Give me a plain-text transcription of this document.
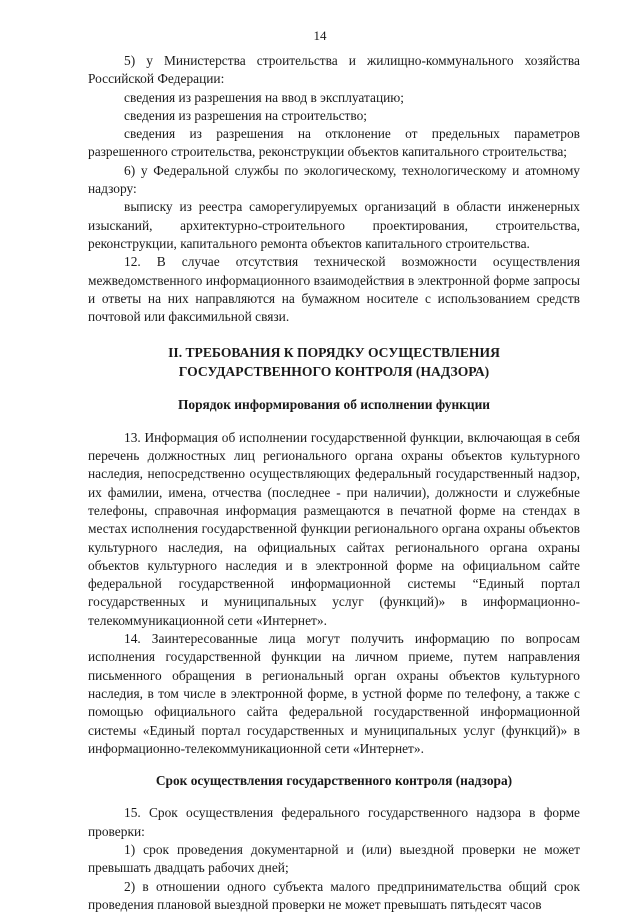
14

5) у Министерства строительства и жилищно-коммунального хозяйства Российской Федерации:

сведения из разрешения на ввод в эксплуатацию;

сведения из разрешения на строительство;

сведения из разрешения на отклонение от предельных параметров разрешенного строительства, реконструкции объектов капитального строительства;

6) у Федеральной службы по экологическому, технологическому и атомному надзору:

выписку из реестра саморегулируемых организаций в области инженерных изысканий, архитектурно-строительного проектирования, строительства, реконструкции, капитального ремонта объектов капитального строительства.

12. В случае отсутствия технической возможности осуществления межведомственного информационного взаимодействия в электронной форме запросы и ответы на них направляются на бумажном носителе с использованием средств почтовой или факсимильной связи.

II. ТРЕБОВАНИЯ К ПОРЯДКУ ОСУЩЕСТВЛЕНИЯ
ГОСУДАРСТВЕННОГО КОНТРОЛЯ (НАДЗОРА)
Порядок информирования об исполнении функции

13. Информация об исполнении государственной функции, включающая в себя перечень должностных лиц регионального органа охраны объектов культурного наследия, непосредственно осуществляющих федеральный государственный надзор, их фамилии, имена, отчества (последнее - при наличии), должности и служебные телефоны, справочная информация размещаются в печатной форме на стендах в местах исполнения государственной функции регионального органа охраны объектов культурного наследия, на официальных сайтах регионального органа охраны объектов культурного наследия и в электронной форме на официальном сайте федеральной государственной информационной системы “Единый портал государственных и муниципальных услуг (функций)» в информационно-телекоммуникационной сети «Интернет».

14. Заинтересованные лица могут получить информацию по вопросам исполнения государственной функции на личном приеме, путем направления письменного обращения в региональный орган охраны объектов культурного наследия, в том числе в электронной форме, в устной форме по телефону, а также с помощью официального сайта федеральной государственной информационной системы «Единый портал государственных и муниципальных услуг (функций)» в информационно-телекоммуникационной сети «Интернет».

Срок осуществления государственного контроля (надзора)

15. Срок осуществления федерального государственного надзора в форме проверки:

1) срок проведения документарной и (или) выездной проверки не может превышать двадцать рабочих дней;

2) в отношении одного субъекта малого предпринимательства общий срок проведения плановой выездной проверки не может превышать пятьдесят часов
